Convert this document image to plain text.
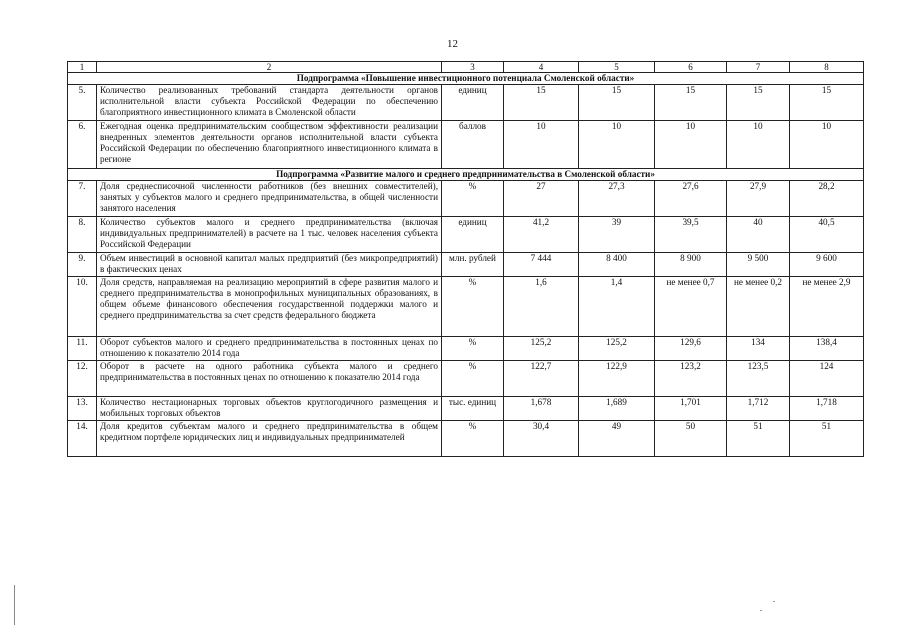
12
1	2	3	4	5	6	7	8
Подпрограмма «Повышение инвестиционного потенциала Смоленской области»							
5.	Количество реализованных требований стандарта деятельности органов исполнительной власти субъекта Российской Федерации по обеспечению благоприятного инвестиционного климата в Смоленской области	единиц	15	15	15	15	15
6.	Ежегодная оценка предпринимательским сообществом эффективности реализации внедренных элементов деятельности органов исполнительной власти субъекта Российской Федерации по обеспечению благоприятного инвестиционного климата в регионе	баллов	10	10	10	10	10
Подпрограмма «Развитие малого и среднего предпринимательства в Смоленской области»							
7.	Доля среднесписочной численности работников (без внешних совместителей), занятых у субъектов малого и среднего предпринимательства, в общей численности занятого населения	%	27	27,3	27,6	27,9	28,2
8.	Количество субъектов малого и среднего предпринимательства (включая индивидуальных предпринимателей) в расчете на 1 тыс. человек населения субъекта Российской Федерации	единиц	41,2	39	39,5	40	40,5
9.	Объем инвестиций в основной капитал малых предприятий (без микропредприятий) в фактических ценах	млн. рублей	7 444	8 400	8 900	9 500	9 600
10.	Доля средств, направляемая на реализацию мероприятий в сфере развития малого и среднего предпринимательства в монопрофильных муниципальных образованиях, в общем объеме финансового обеспечения государственной поддержки малого и среднего предпринимательства за счет средств федерального бюджета	%	1,6	1,4	не менее 0,7	не менее 0,2	не менее 2,9
11.	Оборот субъектов малого и среднего предпринимательства в постоянных ценах по отношению к показателю 2014 года	%	125,2	125,2	129,6	134	138,4
12.	Оборот в расчете на одного работника субъекта малого и среднего предпринимательства в постоянных ценах по отношению к показателю 2014 года	%	122,7	122,9	123,2	123,5	124
13.	Количество нестационарных торговых объектов круглогодичного размещения и мобильных торговых объектов	тыс. единиц	1,678	1,689	1,701	1,712	1,718
14.	Доля кредитов субъектам малого и среднего предпринимательства в общем кредитном портфеле юридических лиц и индивидуальных предпринимателей	%	30,4	49	50	51	51
